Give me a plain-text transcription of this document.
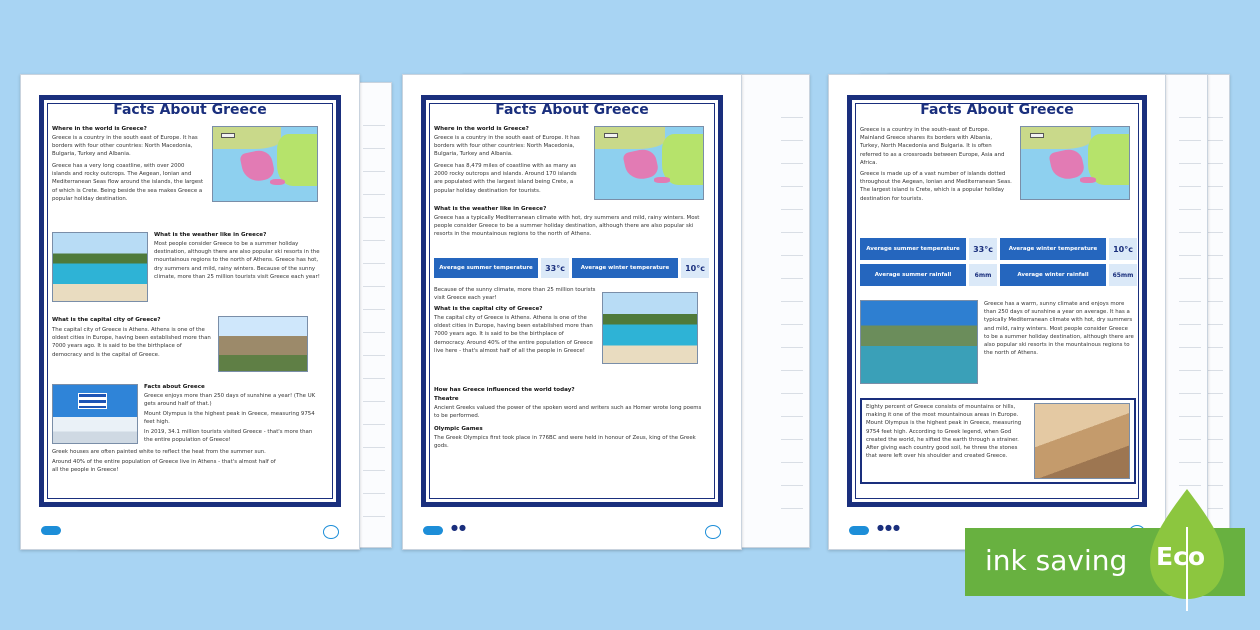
Facts About Greece
Where in the world is Greece?
Greece is a country in the south east of Europe. It has borders with four other countries: North Macedonia, Bulgaria, Turkey and Albania.
Greece has a very long coastline, with over 2000 islands and rocky outcrops. The Aegean, Ionian and Mediterranean Seas flow around the islands, the largest of which is Crete. Being beside the sea makes Greece a popular holiday destination.
What is the weather like in Greece?
Most people consider Greece to be a summer holiday destination, although there are also popular ski resorts in the mountainous regions to the north of Athens. Greece has hot, dry summers and mild, rainy winters. Because of the sunny climate, more than 25 million tourists visit Greece each year!
What is the capital city of Greece?
The capital city of Greece is Athens. Athens is one of the oldest cities in Europe, having been established more than 7000 years ago. It is said to be the birthplace of democracy and is the capital of Greece.
Facts about Greece
Greece enjoys more than 250 days of sunshine a year! (The UK gets around half of that.)
Mount Olympus is the highest peak in Greece, measuring 9754 feet high.
In 2019, 34.1 million tourists visited Greece - that's more than the entire population of Greece!
Greek houses are often painted white to reflect the heat from the summer sun.
Around 40% of the entire population of Greece live in Athens - that's almost half of all the people in Greece!
Facts About Greece
Where in the world is Greece?
Greece is a country in the south east of Europe. It has borders with four other countries: North Macedonia, Bulgaria, Turkey and Albania.
Greece has 8,479 miles of coastline with as many as 2000 rocky outcrops and islands. Around 170 islands are populated with the largest island being Crete, a popular holiday destination for tourists.
What is the weather like in Greece?
Greece has a typically Mediterranean climate with hot, dry summers and mild, rainy winters. Most people consider Greece to be a summer holiday destination, although there are also popular ski resorts in the mountainous regions to the north of Athens.
Average summer temperature	33°c	Average winter temperature	10°c
Because of the sunny climate, more than 25 million tourists visit Greece each year!
What is the capital city of Greece?
The capital city of Greece is Athens. Athens is one of the oldest cities in Europe, having been established more than 7000 years ago. It is said to be the birthplace of democracy. Around 40% of the entire population of Greece live here - that's almost half of all the people in Greece!
How has Greece influenced the world today?
Theatre
Ancient Greeks valued the power of the spoken word and writers such as Homer wrote long poems to be performed.
Olympic Games
The Greek Olympics first took place in 776BC and were held in honour of Zeus, king of the Greek gods.
●●
Facts About Greece
Greece is a country in the south-east of Europe. Mainland Greece shares its borders with Albania, Turkey, North Macedonia and Bulgaria. It is often referred to as a crossroads between Europe, Asia and Africa.
Greece is made up of a vast number of islands dotted throughout the Aegean, Ionian and Mediterranean Seas. The largest island is Crete, which is a popular holiday destination for tourists.
Average summer temperature	33°c	Average winter temperature	10°c
Average summer rainfall	6mm	Average winter rainfall	65mm
Greece has a warm, sunny climate and enjoys more than 250 days of sunshine a year on average. It has a typically Mediterranean climate with hot, dry summers and mild, rainy winters. Most people consider Greece to be a summer holiday destination, although there are also popular ski resorts in the mountainous regions to the north of Athens.
Eighty percent of Greece consists of mountains or hills, making it one of the most mountainous areas in Europe. Mount Olympus is the highest peak in Greece, measuring 9754 feet high. According to Greek legend, when God created the world, he sifted the earth through a strainer. After giving each country good soil, he threw the stones that were left over his shoulder and created Greece.
●●●
ink saving Eco
